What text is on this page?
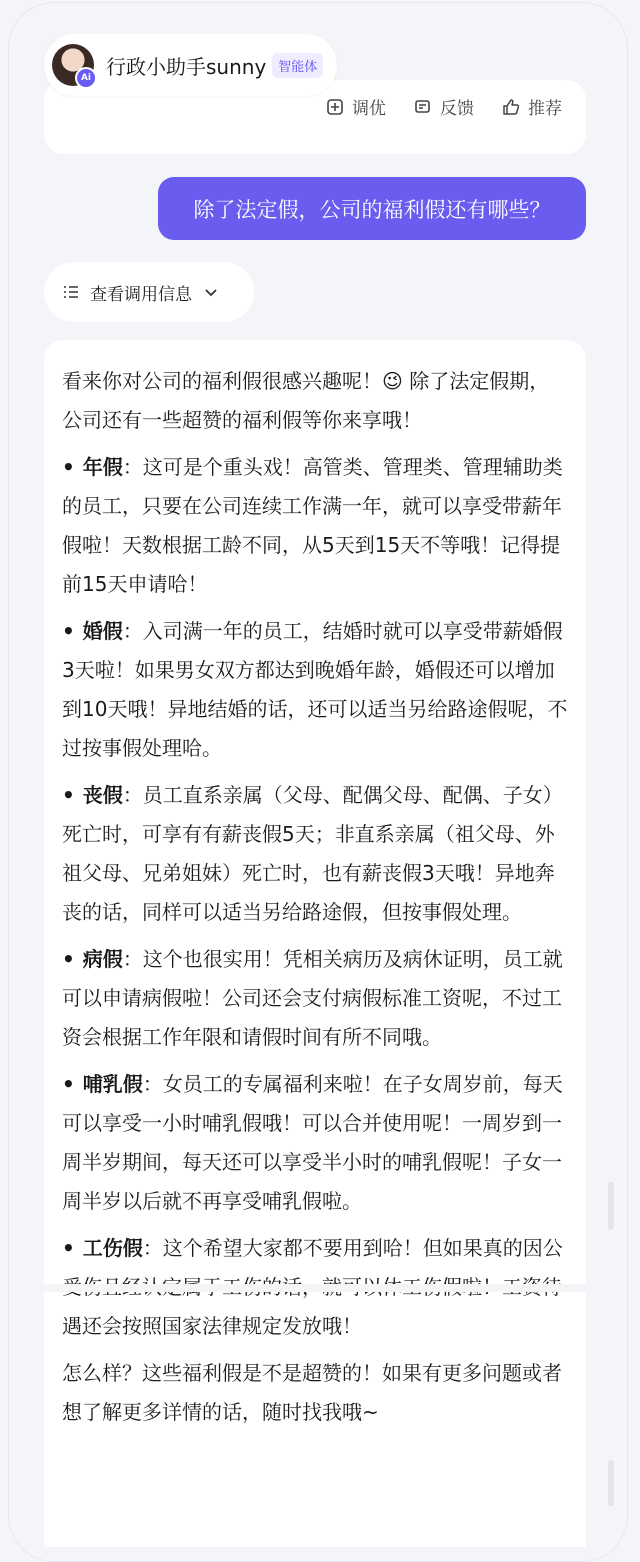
调优	反馈	推荐
Ai 行政小助手sunny 智能体
除了法定假，公司的福利假还有哪些？
查看调用信息

看来你对公司的福利假很感兴趣呢！😉 除了法定假期，公司还有一些超赞的福利假等你来享哦！

• 年假：这可是个重头戏！高管类、管理类、管理辅助类的员工，只要在公司连续工作满一年，就可以享受带薪年假啦！天数根据工龄不同，从5天到15天不等哦！记得提前15天申请哈！
• 婚假：入司满一年的员工，结婚时就可以享受带薪婚假3天啦！如果男女双方都达到晚婚年龄，婚假还可以增加到10天哦！异地结婚的话，还可以适当另给路途假呢，不过按事假处理哈。
• 丧假：员工直系亲属（父母、配偶父母、配偶、子女）死亡时，可享有有薪丧假5天；非直系亲属（祖父母、外祖父母、兄弟姐妹）死亡时，也有薪丧假3天哦！异地奔丧的话，同样可以适当另给路途假，但按事假处理。
• 病假：这个也很实用！凭相关病历及病休证明，员工就可以申请病假啦！公司还会支付病假标准工资呢，不过工资会根据工作年限和请假时间有所不同哦。
• 哺乳假：女员工的专属福利来啦！在子女周岁前，每天可以享受一小时哺乳假哦！可以合并使用呢！一周岁到一周半岁期间，每天还可以享受半小时的哺乳假呢！子女一周半岁以后就不再享受哺乳假啦。
• 工伤假：这个希望大家都不要用到哈！但如果真的因公 遇还会按照国家法律规定发放哦！

怎么样？这些福利假是不是超赞的！如果有更多问题或者想了解更多详情的话，随时找我哦~
